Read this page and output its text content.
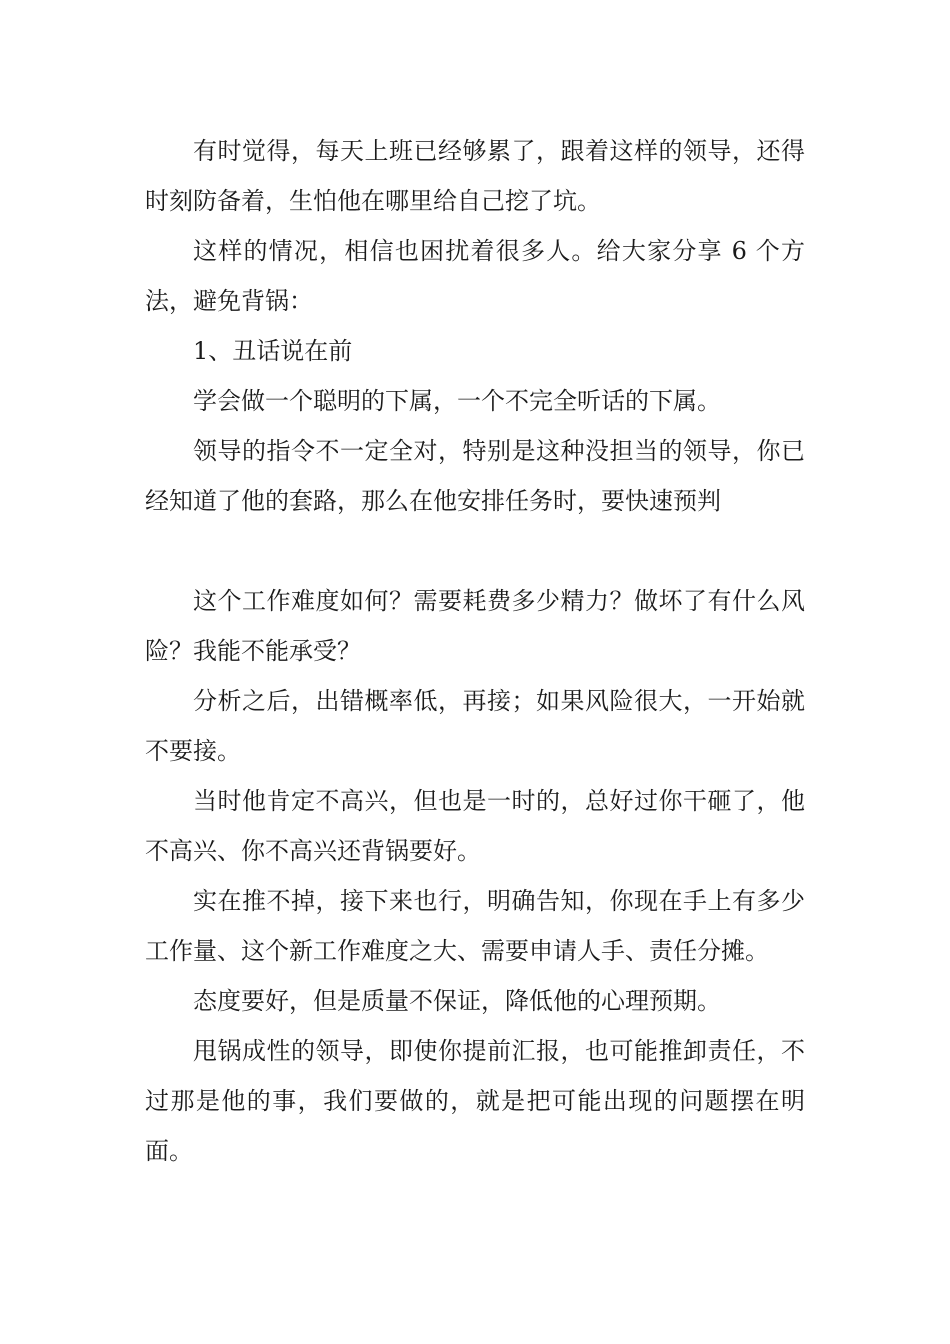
有时觉得，每天上班已经够累了，跟着这样的领导，还得时刻防备着，生怕他在哪里给自己挖了坑。

这样的情况，相信也困扰着很多人。给大家分享 6 个方法，避免背锅：

1、丑话说在前

学会做一个聪明的下属，一个不完全听话的下属。

领导的指令不一定全对，特别是这种没担当的领导，你已经知道了他的套路，那么在他安排任务时，要快速预判

这个工作难度如何？需要耗费多少精力？做坏了有什么风险？我能不能承受？

分析之后，出错概率低，再接；如果风险很大，一开始就不要接。

当时他肯定不高兴，但也是一时的，总好过你干砸了，他不高兴、你不高兴还背锅要好。

实在推不掉，接下来也行，明确告知，你现在手上有多少工作量、这个新工作难度之大、需要申请人手、责任分摊。

态度要好，但是质量不保证，降低他的心理预期。

甩锅成性的领导，即使你提前汇报，也可能推卸责任，不过那是他的事，我们要做的，就是把可能出现的问题摆在明面。
